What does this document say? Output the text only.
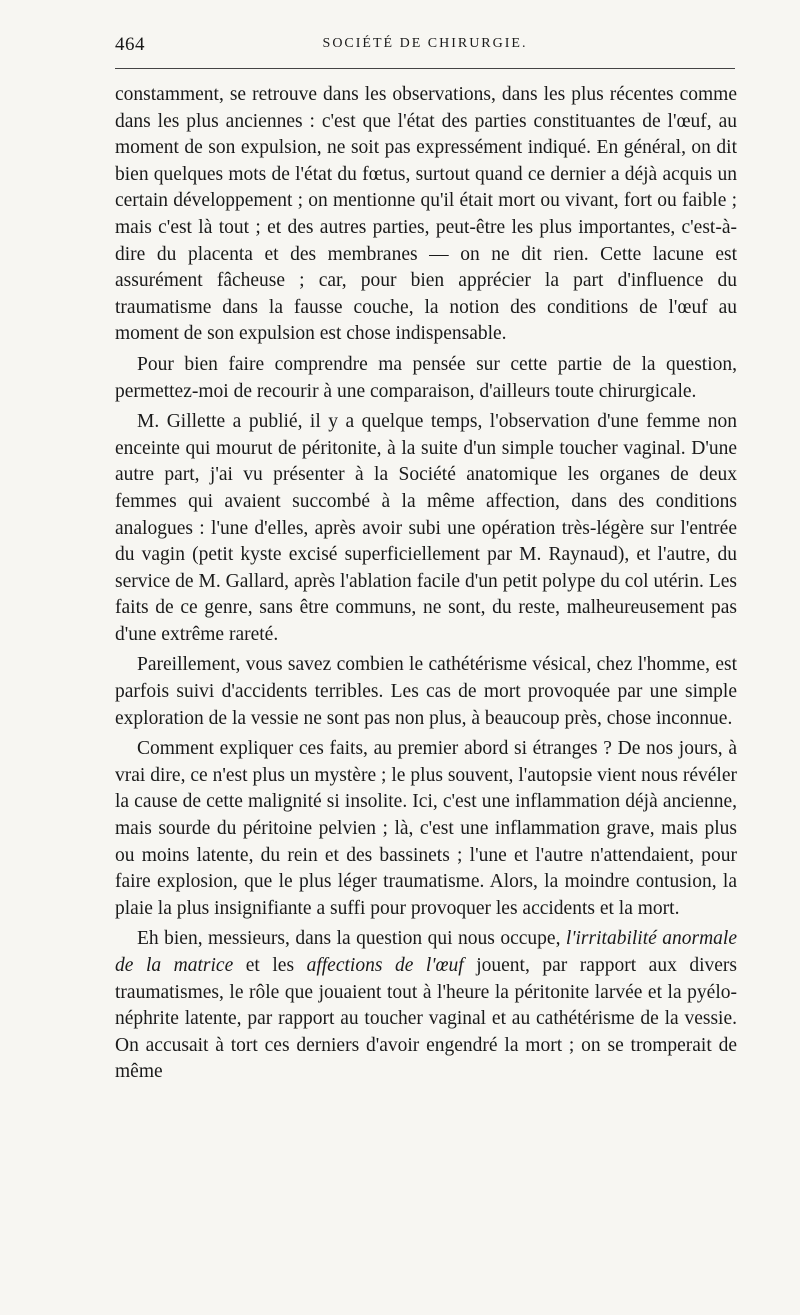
464	SOCIÉTÉ DE CHIRURGIE.

constamment, se retrouve dans les observations, dans les plus récentes comme dans les plus anciennes : c'est que l'état des parties constituantes de l'œuf, au moment de son expulsion, ne soit pas expressément indiqué. En général, on dit bien quelques mots de l'état du fœtus, surtout quand ce dernier a déjà acquis un certain développement ; on mentionne qu'il était mort ou vivant, fort ou faible ; mais c'est là tout ; et des autres parties, peut-être les plus importantes, c'est-à-dire du placenta et des membranes — on ne dit rien. Cette lacune est assurément fâcheuse ; car, pour bien apprécier la part d'influence du traumatisme dans la fausse couche, la notion des conditions de l'œuf au moment de son expulsion est chose indispensable.

Pour bien faire comprendre ma pensée sur cette partie de la question, permettez-moi de recourir à une comparaison, d'ailleurs toute chirurgicale.

M. Gillette a publié, il y a quelque temps, l'observation d'une femme non enceinte qui mourut de péritonite, à la suite d'un simple toucher vaginal. D'une autre part, j'ai vu présenter à la Société anatomique les organes de deux femmes qui avaient succombé à la même affection, dans des conditions analogues : l'une d'elles, après avoir subi une opération très-légère sur l'entrée du vagin (petit kyste excisé superficiellement par M. Raynaud), et l'autre, du service de M. Gallard, après l'ablation facile d'un petit polype du col utérin. Les faits de ce genre, sans être communs, ne sont, du reste, malheureusement pas d'une extrême rareté.

Pareillement, vous savez combien le cathétérisme vésical, chez l'homme, est parfois suivi d'accidents terribles. Les cas de mort provoquée par une simple exploration de la vessie ne sont pas non plus, à beaucoup près, chose inconnue.

Comment expliquer ces faits, au premier abord si étranges ? De nos jours, à vrai dire, ce n'est plus un mystère ; le plus souvent, l'autopsie vient nous révéler la cause de cette malignité si insolite. Ici, c'est une inflammation déjà ancienne, mais sourde du péritoine pelvien ; là, c'est une inflammation grave, mais plus ou moins latente, du rein et des bassinets ; l'une et l'autre n'attendaient, pour faire explosion, que le plus léger traumatisme. Alors, la moindre contusion, la plaie la plus insignifiante a suffi pour provoquer les accidents et la mort.

Eh bien, messieurs, dans la question qui nous occupe, l'irritabilité anormale de la matrice et les affections de l'œuf jouent, par rapport aux divers traumatismes, le rôle que jouaient tout à l'heure la péritonite larvée et la pyélo-néphrite latente, par rapport au toucher vaginal et au cathétérisme de la vessie. On accusait à tort ces derniers d'avoir engendré la mort ; on se tromperait de même
